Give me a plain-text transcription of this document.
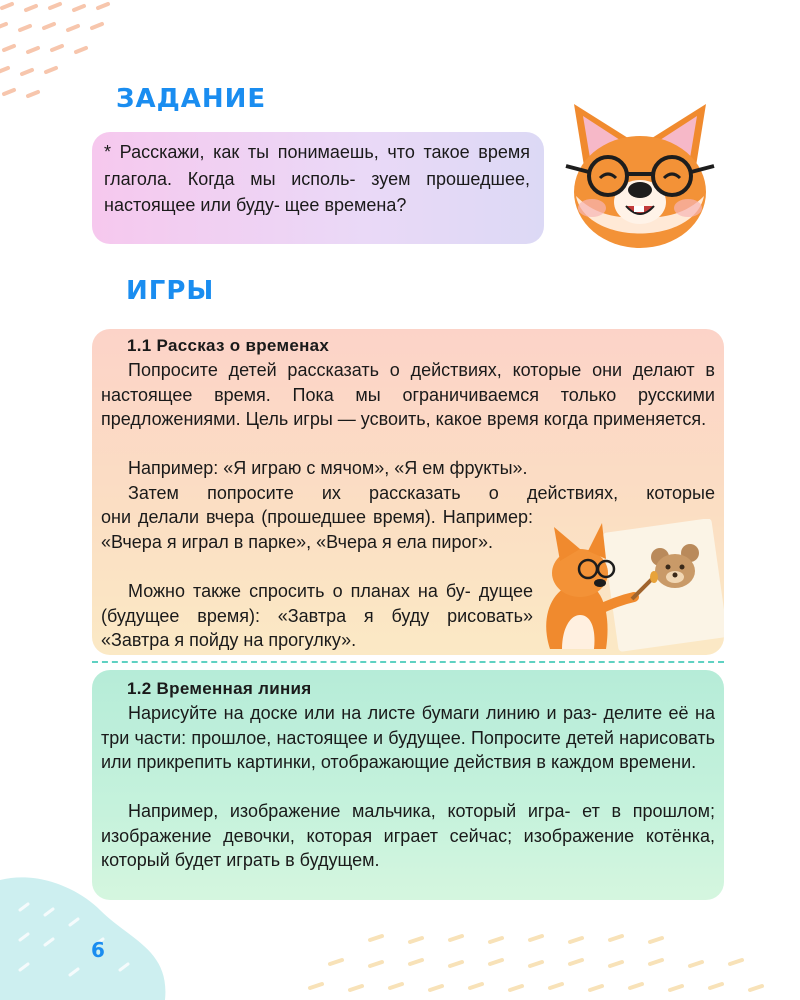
ЗАДАНИЕ
* Расскажи, как ты понимаешь, что такое время глагола. Когда мы исполь- зуем прошедшее, настоящее или буду- щее времена?
ИГРЫ
1.1 Рассказ о временах
Попросите детей рассказать о действиях, которые они делают в настоящее время. Пока мы ограничиваемся только русскими предложениями. Цель игры — усвоить, какое время когда применяется.
Например: «Я играю с мячом», «Я ем фрукты».
Затем попросите их рассказать о действиях, которые
они делали вчера (прошедшее время). Например: «Вчера я играл в парке», «Вчера я ела пирог».
Можно также спросить о планах на бу- дущее (будущее время): «Завтра я буду рисовать» «Завтра я пойду на прогулку».
1.2 Временная линия
Нарисуйте на доске или на листе бумаги линию и раз- делите её на три части: прошлое, настоящее и будущее. Попросите детей нарисовать или прикрепить картинки, отображающие действия в каждом времени.
Например, изображение мальчика, который игра- ет в прошлом; изображение девочки, которая играет сейчас; изображение котёнка, который будет играть в будущем.
6
